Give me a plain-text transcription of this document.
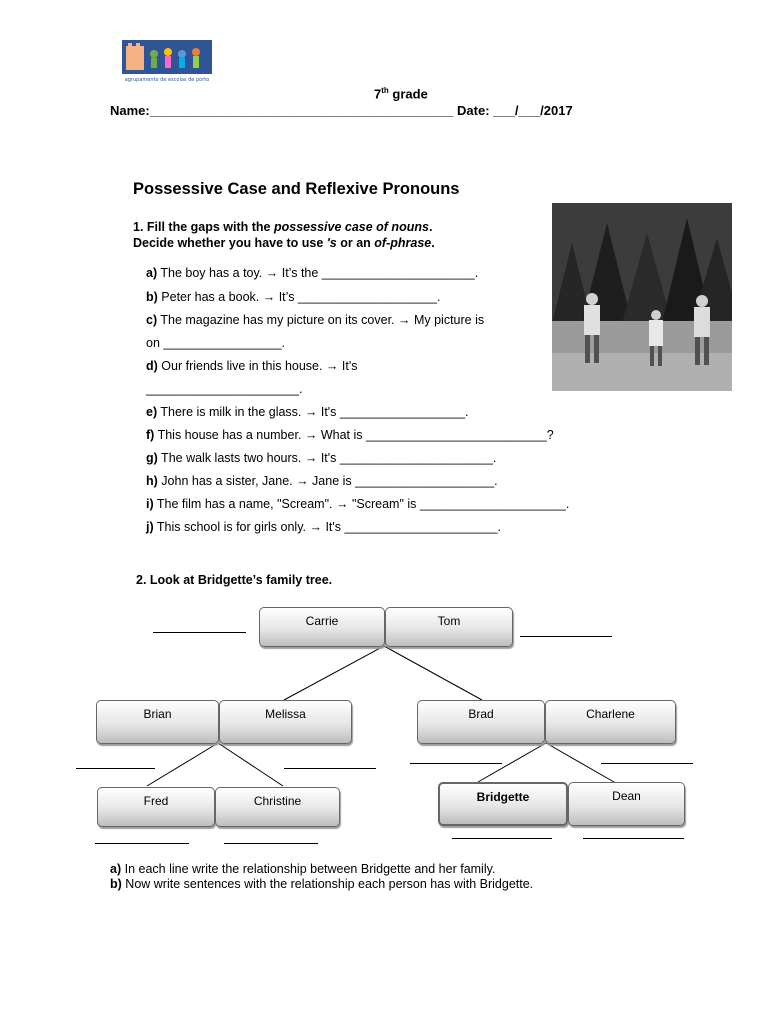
agrupamento de escolas de porto
7th grade
Name:__________________________________________ Date: ___/___/2017
Possessive Case and Reflexive Pronouns
1. Fill the gaps with the possessive case of nouns.
Decide whether you have to use 's or an of-phrase.
a) The boy has a toy. → It’s the ______________________.
b) Peter has a book. → It’s ____________________.
c) The magazine has my picture on its cover. → My picture is
on _________________.
d) Our friends live in this house. → It's
______________________.
e) There is milk in the glass. → It's __________________.
f) This house has a number. → What is __________________________?
g) The walk lasts two hours. → It's ______________________.
h) John has a sister, Jane. → Jane is ____________________.
i) The film has a name, "Scream". → "Scream" is _____________________.
j) This school is for girls only. → It's ______________________.
2. Look at Bridgette’s family tree.
Carrie	Tom
Brian	Melissa	Brad	Charlene
Fred	Christine	Bridgette	Dean
a) In each line write the relationship between Bridgette and her family.
b) Now write sentences with the relationship each person has with Bridgette.
